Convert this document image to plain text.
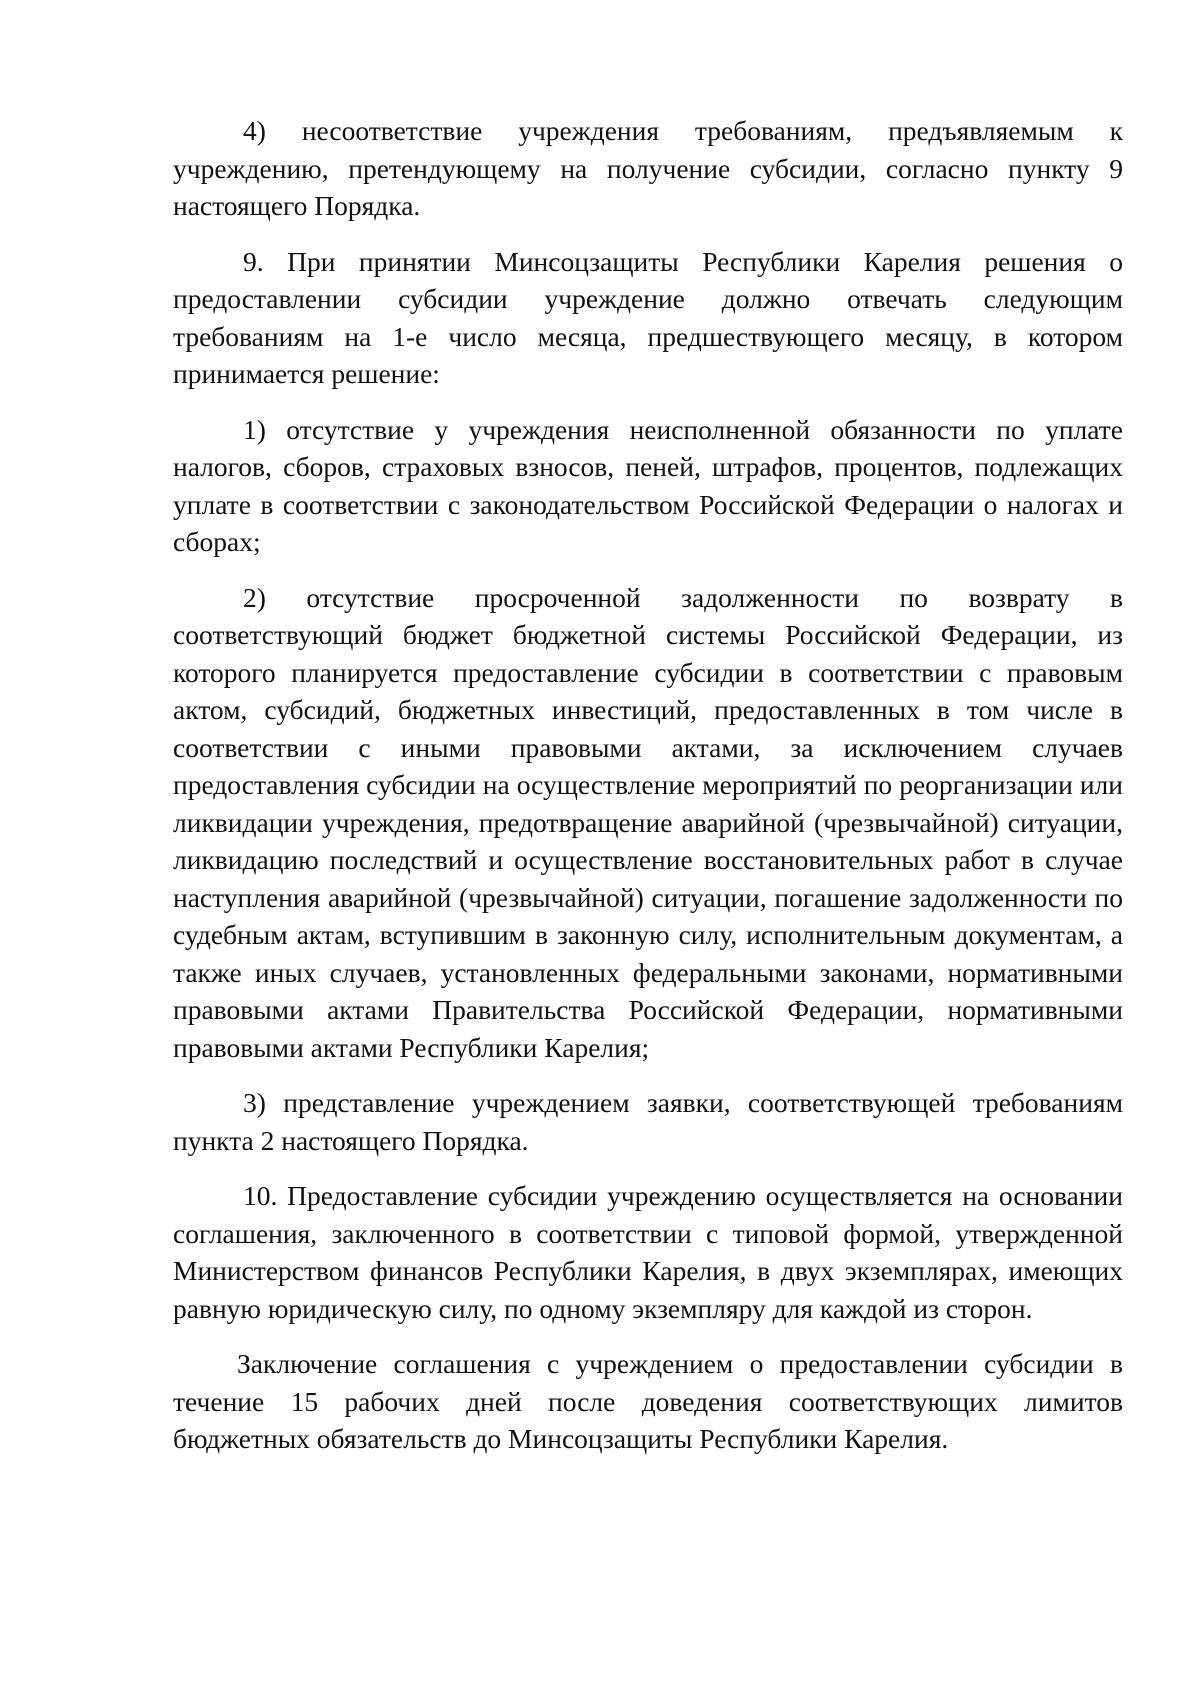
4) несоответствие учреждения требованиям, предъявляемым к учреждению, претендующему на получение субсидии, согласно пункту 9 настоящего Порядка.

9. При принятии Минсоцзащиты Республики Карелия решения о предоставлении субсидии учреждение должно отвечать следующим требованиям на 1-е число месяца, предшествующего месяцу, в котором принимается решение:

1) отсутствие у учреждения неисполненной обязанности по уплате налогов, сборов, страховых взносов, пеней, штрафов, процентов, подлежащих уплате в соответствии с законодательством Российской Федерации о налогах и сборах;

2) отсутствие просроченной задолженности по возврату в соответствующий бюджет бюджетной системы Российской Федерации, из которого планируется предоставление субсидии в соответствии с правовым актом, субсидий, бюджетных инвестиций, предоставленных в том числе в соответствии с иными правовыми актами, за исключением случаев предоставления субсидии на осуществление мероприятий по реорганизации или ликвидации учреждения, предотвращение аварийной (чрезвычайной) ситуации, ликвидацию последствий и осуществление восстановительных работ в случае наступления аварийной (чрезвычайной) ситуации, погашение задолженности по судебным актам, вступившим в законную силу, исполнительным документам, а также иных случаев, установленных федеральными законами, нормативными правовыми актами Правительства Российской Федерации, нормативными правовыми актами Республики Карелия;

3) представление учреждением заявки, соответствующей требованиям пункта 2 настоящего Порядка.

10. Предоставление субсидии учреждению осуществляется на основании соглашения, заключенного в соответствии с типовой формой, утвержденной Министерством финансов Республики Карелия, в двух экземплярах, имеющих равную юридическую силу, по одному экземпляру для каждой из сторон.

Заключение соглашения с учреждением о предоставлении субсидии в течение 15 рабочих дней после доведения соответствующих лимитов бюджетных обязательств до Минсоцзащиты Республики Карелия.
